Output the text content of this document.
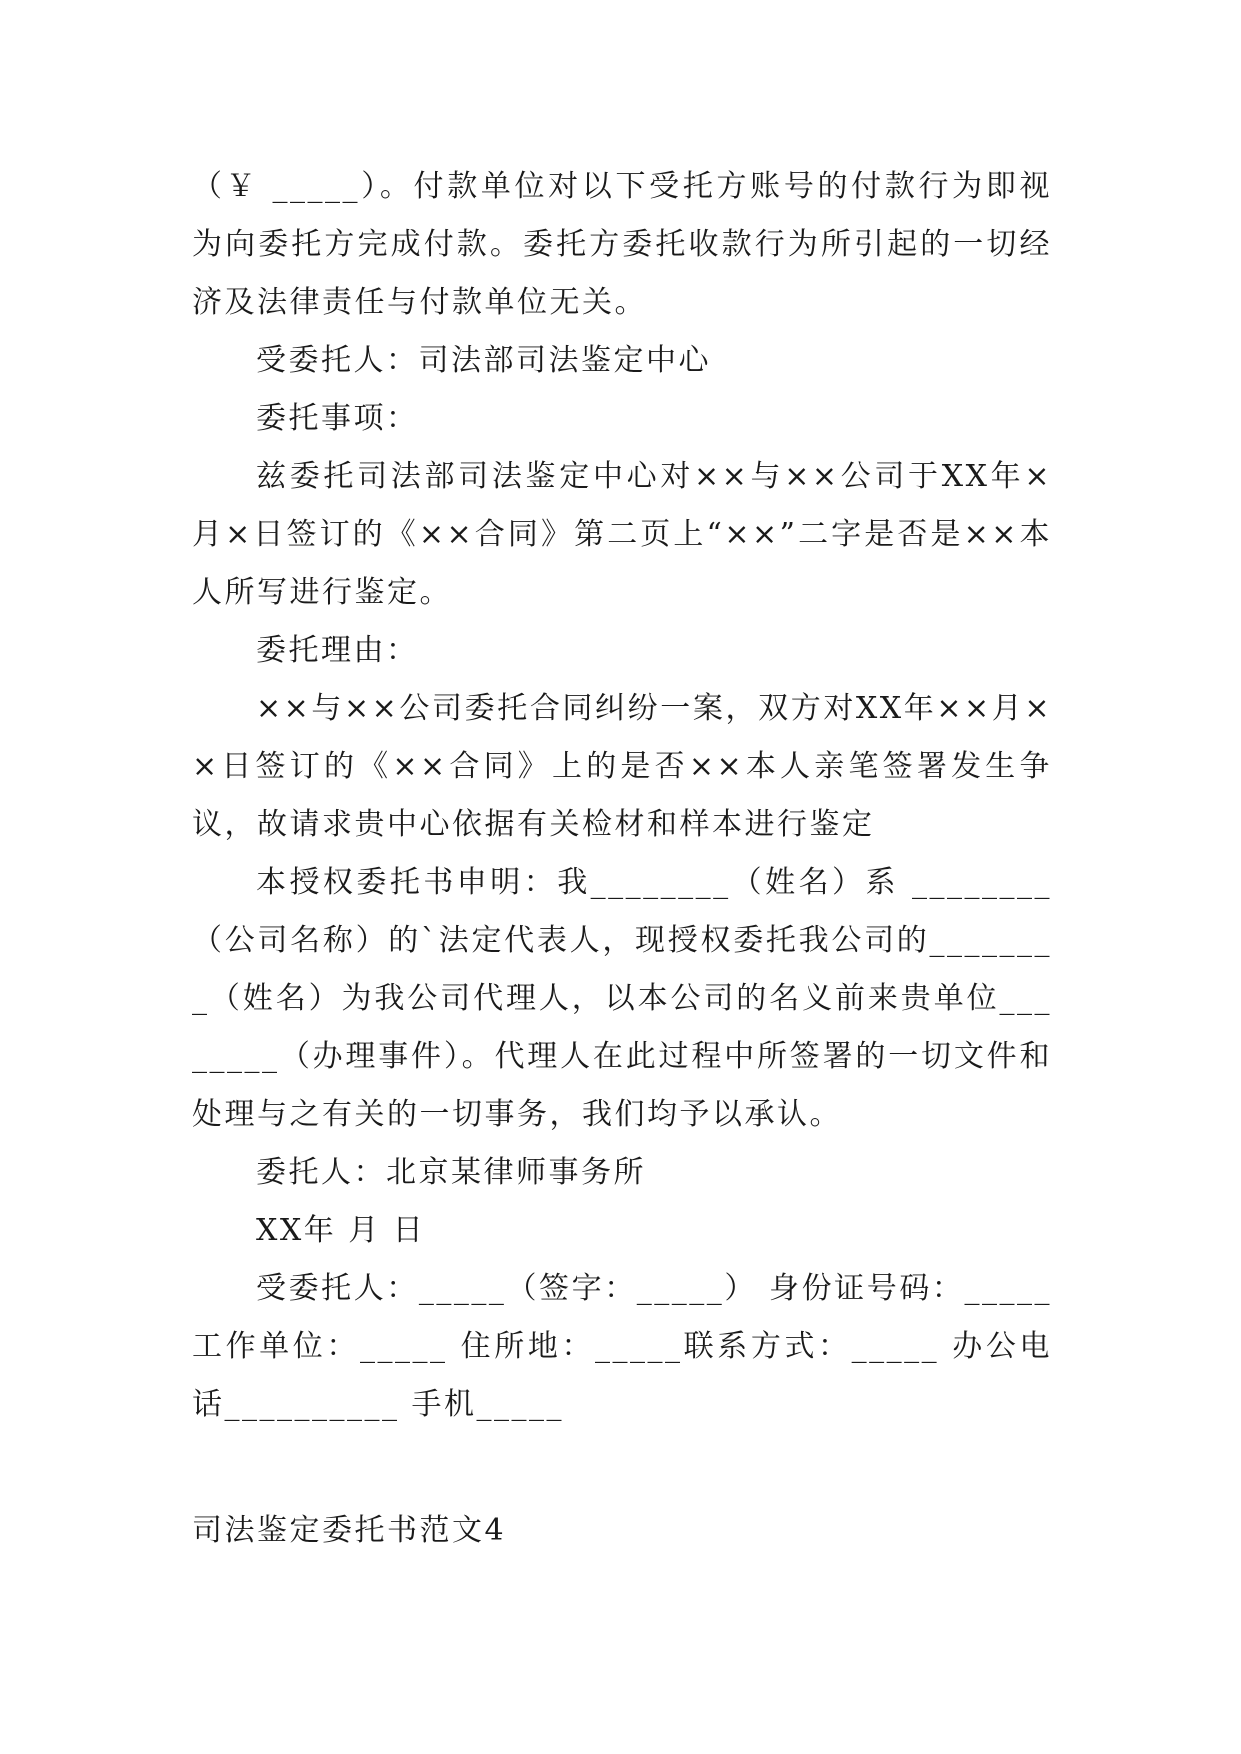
（￥ _____）。付款单位对以下受托方账号的付款行为即视为向委托方完成付款。委托方委托收款行为所引起的一切经济及法律责任与付款单位无关。

受委托人：司法部司法鉴定中心

委托事项：

兹委托司法部司法鉴定中心对××与××公司于XX年×月×日签订的《××合同》第二页上“××”二字是否是××本人所写进行鉴定。

委托理由：

××与××公司委托合同纠纷一案，双方对XX年××月××日签订的《××合同》上的是否××本人亲笔签署发生争议，故请求贵中心依据有关检材和样本进行鉴定

本授权委托书申明：我________（姓名）系 ________（公司名称）的`法定代表人，现授权委托我公司的________（姓名）为我公司代理人，以本公司的名义前来贵单位________（办理事件）。代理人在此过程中所签署的一切文件和处理与之有关的一切事务，我们均予以承认。

委托人：北京某律师事务所

XX年 月 日

受委托人：_____（签字：_____） 身份证号码：_____工作单位：_____ 住所地：_____联系方式：_____ 办公电话__________ 手机_____

司法鉴定委托书范文4
